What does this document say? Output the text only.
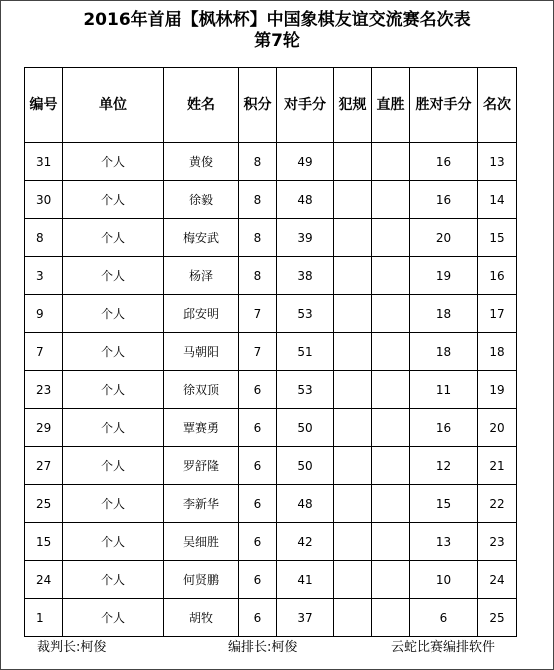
2016年首届【枫林杯】中国象棋友谊交流赛名次表
第7轮
编号	单位	姓名	积分	对手分	犯规	直胜	胜对手分	名次
31	个人	黄俊	8	49			16	13
30	个人	徐毅	8	48			16	14
8	个人	梅安武	8	39			20	15
3	个人	杨泽	8	38			19	16
9	个人	邱安明	7	53			18	17
7	个人	马朝阳	7	51			18	18
23	个人	徐双顶	6	53			11	19
29	个人	覃赛勇	6	50			16	20
27	个人	罗舒隆	6	50			12	21
25	个人	李新华	6	48			15	22
15	个人	吴细胜	6	42			13	23
24	个人	何贤鹏	6	41			10	24
1	个人	胡牧	6	37			6	25
裁判长:柯俊	编排长:柯俊	云蛇比赛编排软件
